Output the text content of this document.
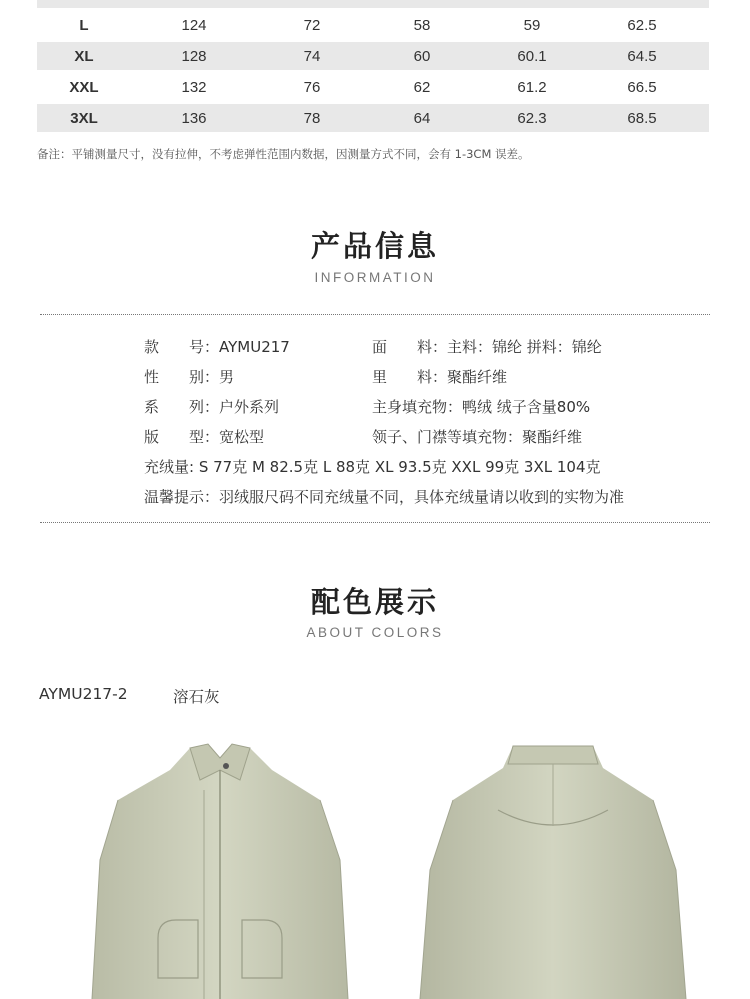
L	124	72	58	59	62.5
XL	128	74	60	60.1	64.5
XXL	132	76	62	61.2	66.5
3XL	136	78	64	62.3	68.5
备注：平铺测量尺寸，没有拉伸，不考虑弹性范围内数据，因测量方式不同，会有 1-3CM 误差。
产品信息
INFORMATION
款　　号：AYMU217
性　　别：男
系　　列：户外系列
版　　型：宽松型
面　　料：主料：锦纶 拼料：锦纶
里　　料：聚酯纤维
主身填充物：鸭绒 绒子含量80%
领子、门襟等填充物：聚酯纤维
充绒量: S 77克 M 82.5克 L 88克 XL 93.5克 XXL 99克 3XL 104克
温馨提示：羽绒服尺码不同充绒量不同，具体充绒量请以收到的实物为准
配色展示
ABOUT COLORS
AYMU217-2	溶石灰
